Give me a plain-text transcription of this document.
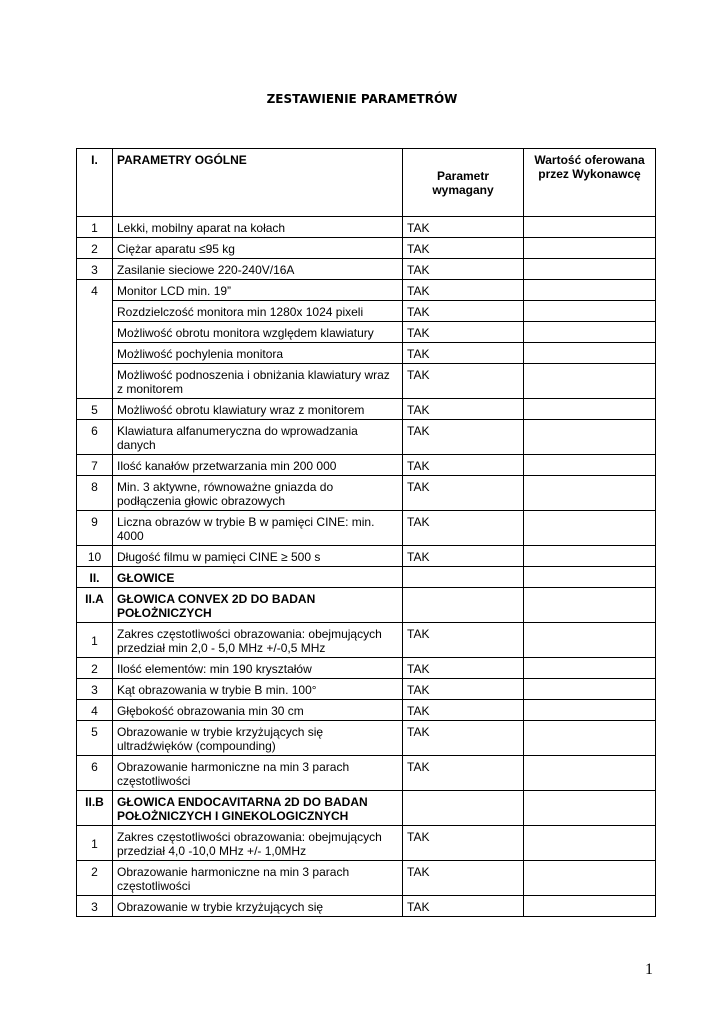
ZESTAWIENIE PARAMETRÓW
I.	PARAMETRY OGÓLNE	Parametr wymagany	Wartość oferowana przez Wykonawcę
1	Lekki, mobilny aparat na kołach	TAK	
2	Ciężar aparatu ≤95 kg	TAK	
3	Zasilanie sieciowe 220-240V/16A	TAK	
4	Monitor LCD min. 19”	TAK	
	Rozdzielczość monitora min 1280x 1024 pixeli	TAK	
	Możliwość obrotu monitora względem klawiatury	TAK	
	Możliwość pochylenia monitora	TAK	
	Możliwość podnoszenia i obniżania klawiatury wraz z monitorem	TAK	
5	Możliwość obrotu klawiatury wraz z monitorem	TAK	
6	Klawiatura alfanumeryczna do wprowadzania danych	TAK	
7	Ilość kanałów przetwarzania min 200 000	TAK	
8	Min. 3 aktywne, równoważne gniazda do podłączenia głowic obrazowych	TAK	
9	Liczna obrazów w trybie B w pamięci CINE: min. 4000	TAK	
10	Długość filmu w pamięci CINE ≥ 500 s	TAK	
II.	GŁOWICE		
II.A	GŁOWICA CONVEX 2D DO BADAN POŁOŻNICZYCH		
1	Zakres częstotliwości obrazowania: obejmujących przedział min 2,0 - 5,0 MHz +/-0,5 MHz	TAK	
2	Ilość elementów: min 190 kryształów	TAK	
3	Kąt obrazowania w trybie B min. 100°	TAK	
4	Głębokość obrazowania min 30 cm	TAK	
5	Obrazowanie w trybie krzyżujących się ultradźwięków (compounding)	TAK	
6	Obrazowanie harmoniczne na min 3 parach częstotliwości	TAK	
II.B	GŁOWICA ENDOCAVITARNA 2D DO BADAN POŁOŻNICZYCH I GINEKOLOGICZNYCH		
1	Zakres częstotliwości obrazowania: obejmujących przedział 4,0 -10,0 MHz +/- 1,0MHz	TAK	
2	Obrazowanie harmoniczne na min 3 parach częstotliwości	TAK	
3	Obrazowanie w trybie krzyżujących się	TAK	
1
